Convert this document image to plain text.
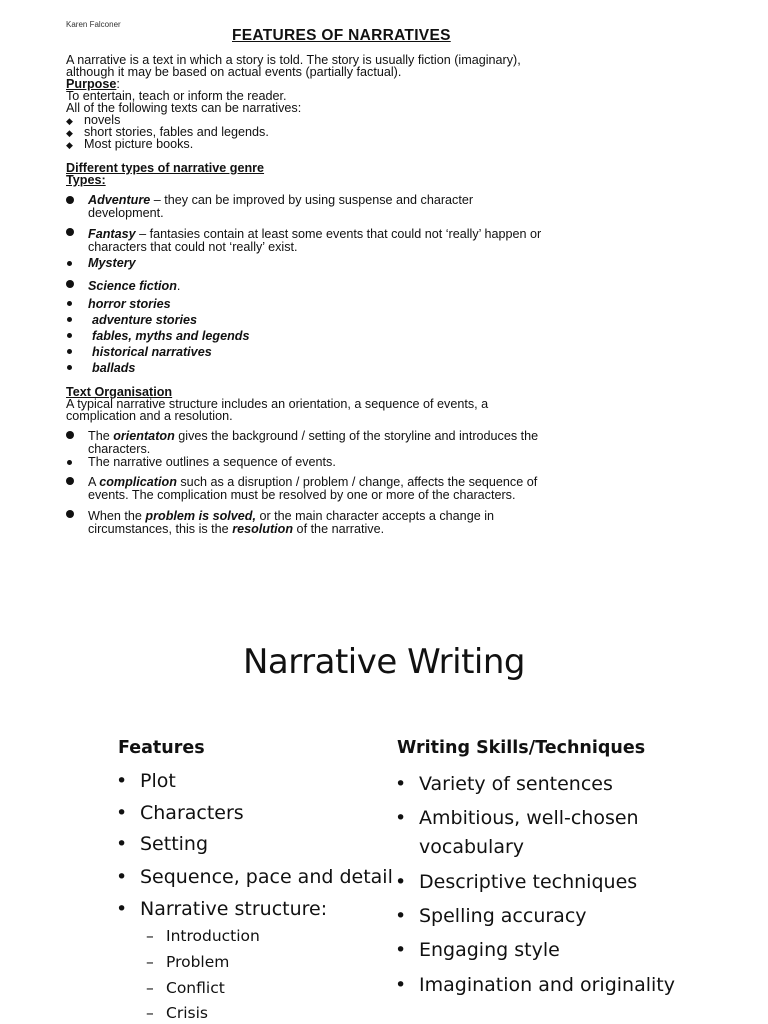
Karen Falconer
FEATURES OF NARRATIVES
A narrative is a text in which a story is told. The story is usually fiction (imaginary),
although it may be based on actual events (partially factual).
Purpose:
To entertain, teach or inform the reader.
All of the following texts can be narratives:
◆ novels
◆ short stories, fables and legends.
◆ Most picture books.
Different types of narrative genre
Types:
Adventure – they can be improved by using suspense and character
development.
Fantasy – fantasies contain at least some events that could not ‘really’ happen or
characters that could not ‘really’ exist.
Mystery
Science fiction.
horror stories
adventure stories
fables, myths and legends
historical narratives
ballads
Text Organisation
A typical narrative structure includes an orientation, a sequence of events, a
complication and a resolution.
The orientaton gives the background / setting of the storyline and introduces the
characters.
The narrative outlines a sequence of events.
A complication such as a disruption / problem / change, affects the sequence of
events. The complication must be resolved by one or more of the characters.
When the problem is solved, or the main character accepts a change in
circumstances, this is the resolution of the narrative.
Narrative Writing
Features
• Plot
• Characters
• Setting
• Sequence, pace and detail
• Narrative structure:
– Introduction
– Problem
– Conflict
– Crisis
Writing Skills/Techniques
• Variety of sentences
• Ambitious, well-chosen
vocabulary
• Descriptive techniques
• Spelling accuracy
• Engaging style
• Imagination and originality
